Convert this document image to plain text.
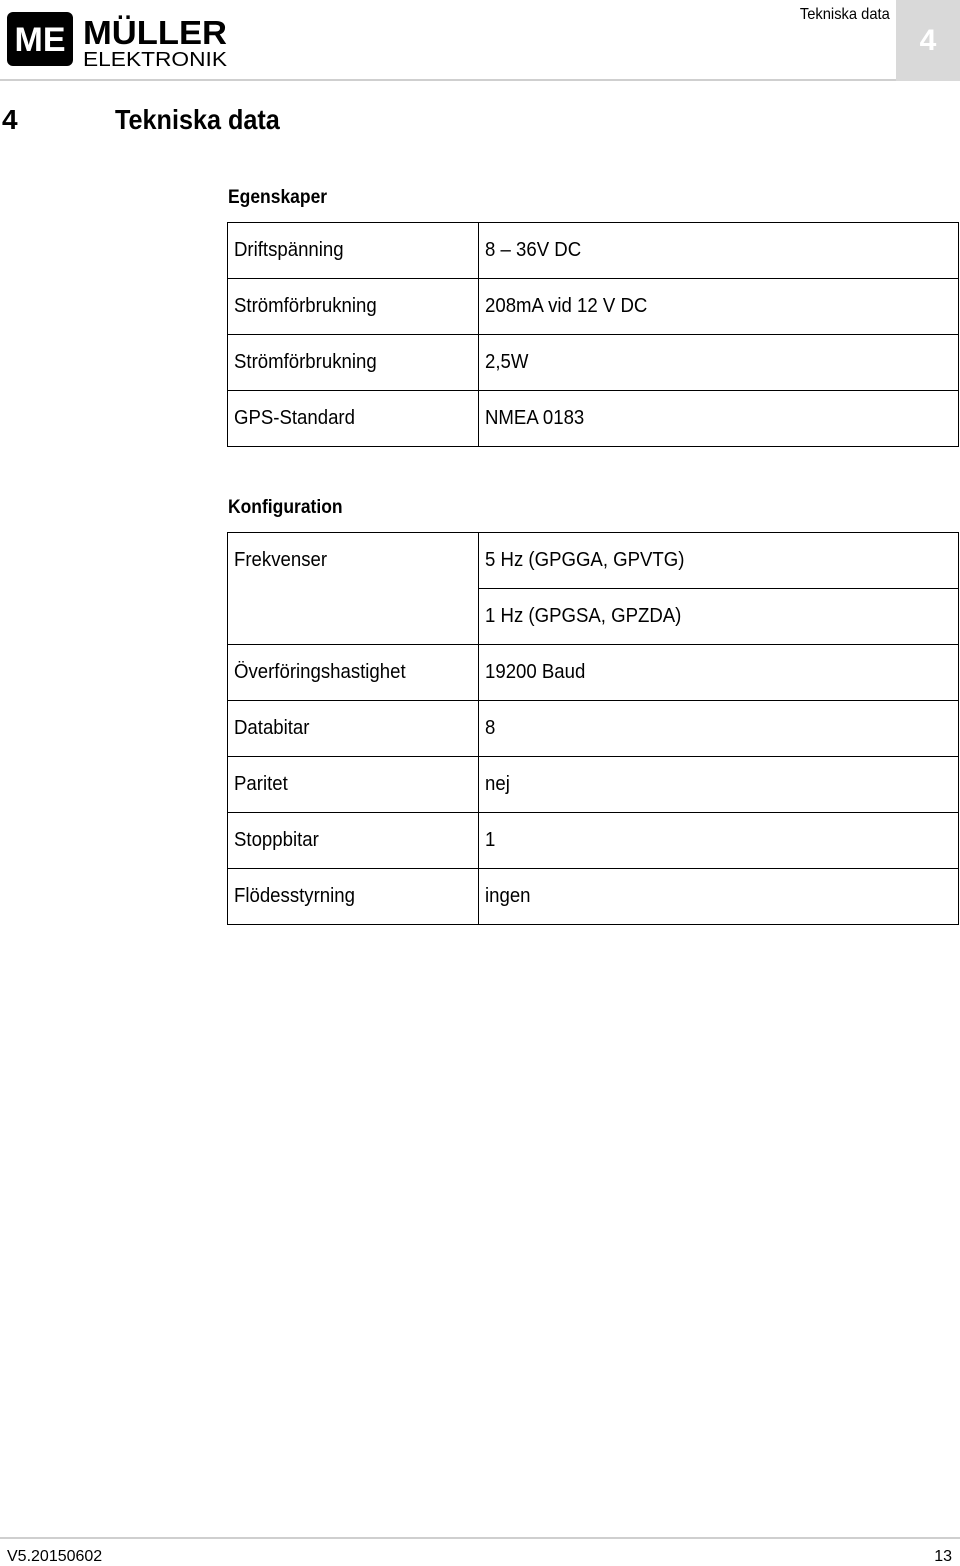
ME MÜLLER
ELEKTRONIK
Tekniska data
4
4	Tekniska data
Egenskaper
Driftspänning	8 – 36V DC
Strömförbrukning	208mA vid 12 V DC
Strömförbrukning	2,5W
GPS-Standard	NMEA 0183
Konfiguration
Frekvenser	5 Hz (GPGGA, GPVTG)
	1 Hz (GPGSA, GPZDA)
Överföringshastighet	19200 Baud
Databitar	8
Paritet	nej
Stoppbitar	1
Flödesstyrning	ingen
V5.20150602	13
